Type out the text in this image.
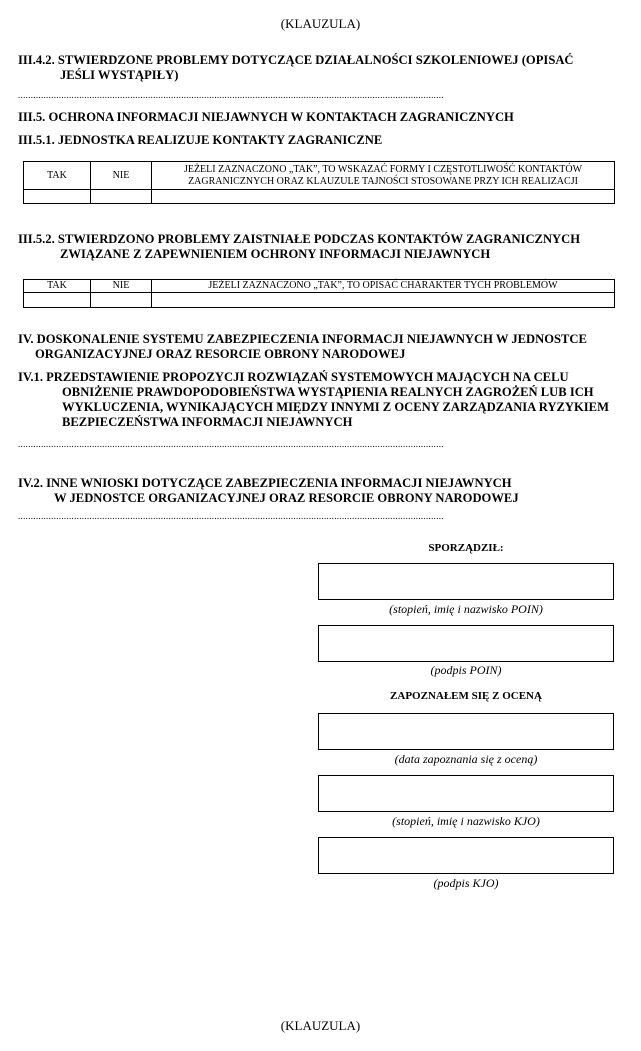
(KLAUZULA)
III.4.2. STWIERDZONE PROBLEMY DOTYCZĄCE DZIAŁALNOŚCI SZKOLENIOWEJ (OPISAĆ
JEŚLI WYSTĄPIŁY)
.......................................................................................................................................................................
III.5. OCHRONA INFORMACJI NIEJAWNYCH W KONTAKTACH ZAGRANICZNYCH
III.5.1. JEDNOSTKA REALIZUJE KONTAKTY ZAGRANICZNE
TAK	NIE	JEŻELI ZAZNACZONO „TAK”, TO WSKAZAĆ FORMY I CZĘSTOTLIWOŚĆ KONTAKTÓW
ZAGRANICZNYCH ORAZ KLAUZULE TAJNOŚCI STOSOWANE PRZY ICH REALIZACJI

III.5.2. STWIERDZONO PROBLEMY ZAISTNIAŁE PODCZAS KONTAKTÓW ZAGRANICZNYCH
ZWIĄZANE Z ZAPEWNIENIEM OCHRONY INFORMACJI NIEJAWNYCH
TAK	NIE	JEŻELI ZAZNACZONO „TAK”, TO OPISAĆ CHARAKTER TYCH PROBLEMÓW

IV. DOSKONALENIE SYSTEMU ZABEZPIECZENIA INFORMACJI NIEJAWNYCH W JEDNOSTCE
ORGANIZACYJNEJ ORAZ RESORCIE OBRONY NARODOWEJ
IV.1. PRZEDSTAWIENIE PROPOZYCJI ROZWIĄZAŃ SYSTEMOWYCH MAJĄCYCH NA CELU
OBNIŻENIE PRAWDOPODOBIEŃSTWA WYSTĄPIENIA REALNYCH ZAGROŻEŃ LUB ICH
WYKLUCZENIA, WYNIKAJĄCYCH MIĘDZY INNYMI Z OCENY ZARZĄDZANIA RYZYKIEM
BEZPIECZEŃSTWA INFORMACJI NIEJAWNYCH
.......................................................................................................................................................................
IV.2. INNE WNIOSKI DOTYCZĄCE ZABEZPIECZENIA INFORMACJI NIEJAWNYCH
W JEDNOSTCE ORGANIZACYJNEJ ORAZ RESORCIE OBRONY NARODOWEJ
.......................................................................................................................................................................
SPORZĄDZIŁ:
(stopień, imię i nazwisko POIN)
(podpis POIN)
ZAPOZNAŁEM SIĘ Z OCENĄ
(data zapoznania się z oceną)
(stopień, imię i nazwisko KJO)
(podpis KJO)
(KLAUZULA)
